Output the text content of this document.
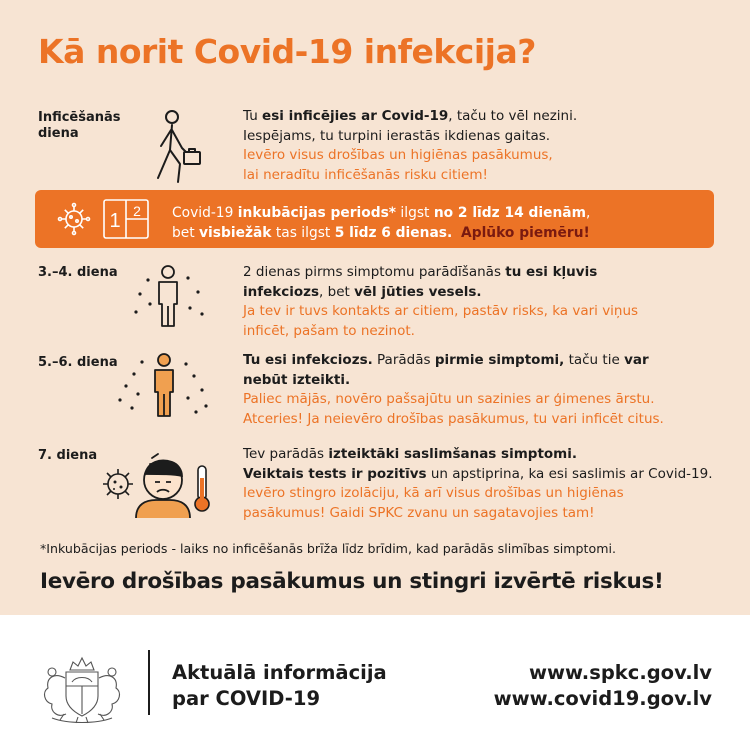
Kā norit Covid-19 infekcija?
Inficēšanās diena
Tu esi inficējies ar Covid-19, taču to vēl nezini.
Iespējams, tu turpini ierastās ikdienas gaitas.
Ievēro visus drošības un higiēnas pasākumus,
lai neradītu inficēšanās risku citiem!
1 2 Covid-19 inkubācijas periods* ilgst no 2 līdz 14 dienām,
bet visbiežāk tas ilgst 5 līdz 6 dienas. Aplūko piemēru!
3.–4. diena	2 dienas pirms simptomu parādīšanās tu esi kļuvis
infekciozs, bet vēl jūties vesels.
Ja tev ir tuvs kontakts ar citiem, pastāv risks, ka vari viņus
inficēt, pašam to nezinot.
5.–6. diena	Tu esi infekciozs. Parādās pirmie simptomi, taču tie var
nebūt izteikti.
Paliec mājās, novēro pašsajūtu un sazinies ar ģimenes ārstu.
Atceries! Ja neievēro drošības pasākumus, tu vari inficēt citus.
7. diena	Tev parādās izteiktāki saslimšanas simptomi.
Veiktais tests ir pozitīvs un apstiprina, ka esi saslimis ar Covid-19.
Ievēro stingro izolāciju, kā arī visus drošības un higiēnas
pasākumus! Gaidi SPKC zvanu un sagatavojies tam!
*Inkubācijas periods - laiks no inficēšanās brīža līdz brīdim, kad parādās slimības simptomi.
Ievēro drošības pasākumus un stingri izvērtē riskus!
Aktuālā informācija
par COVID-19
www.spkc.gov.lv
www.covid19.gov.lv
